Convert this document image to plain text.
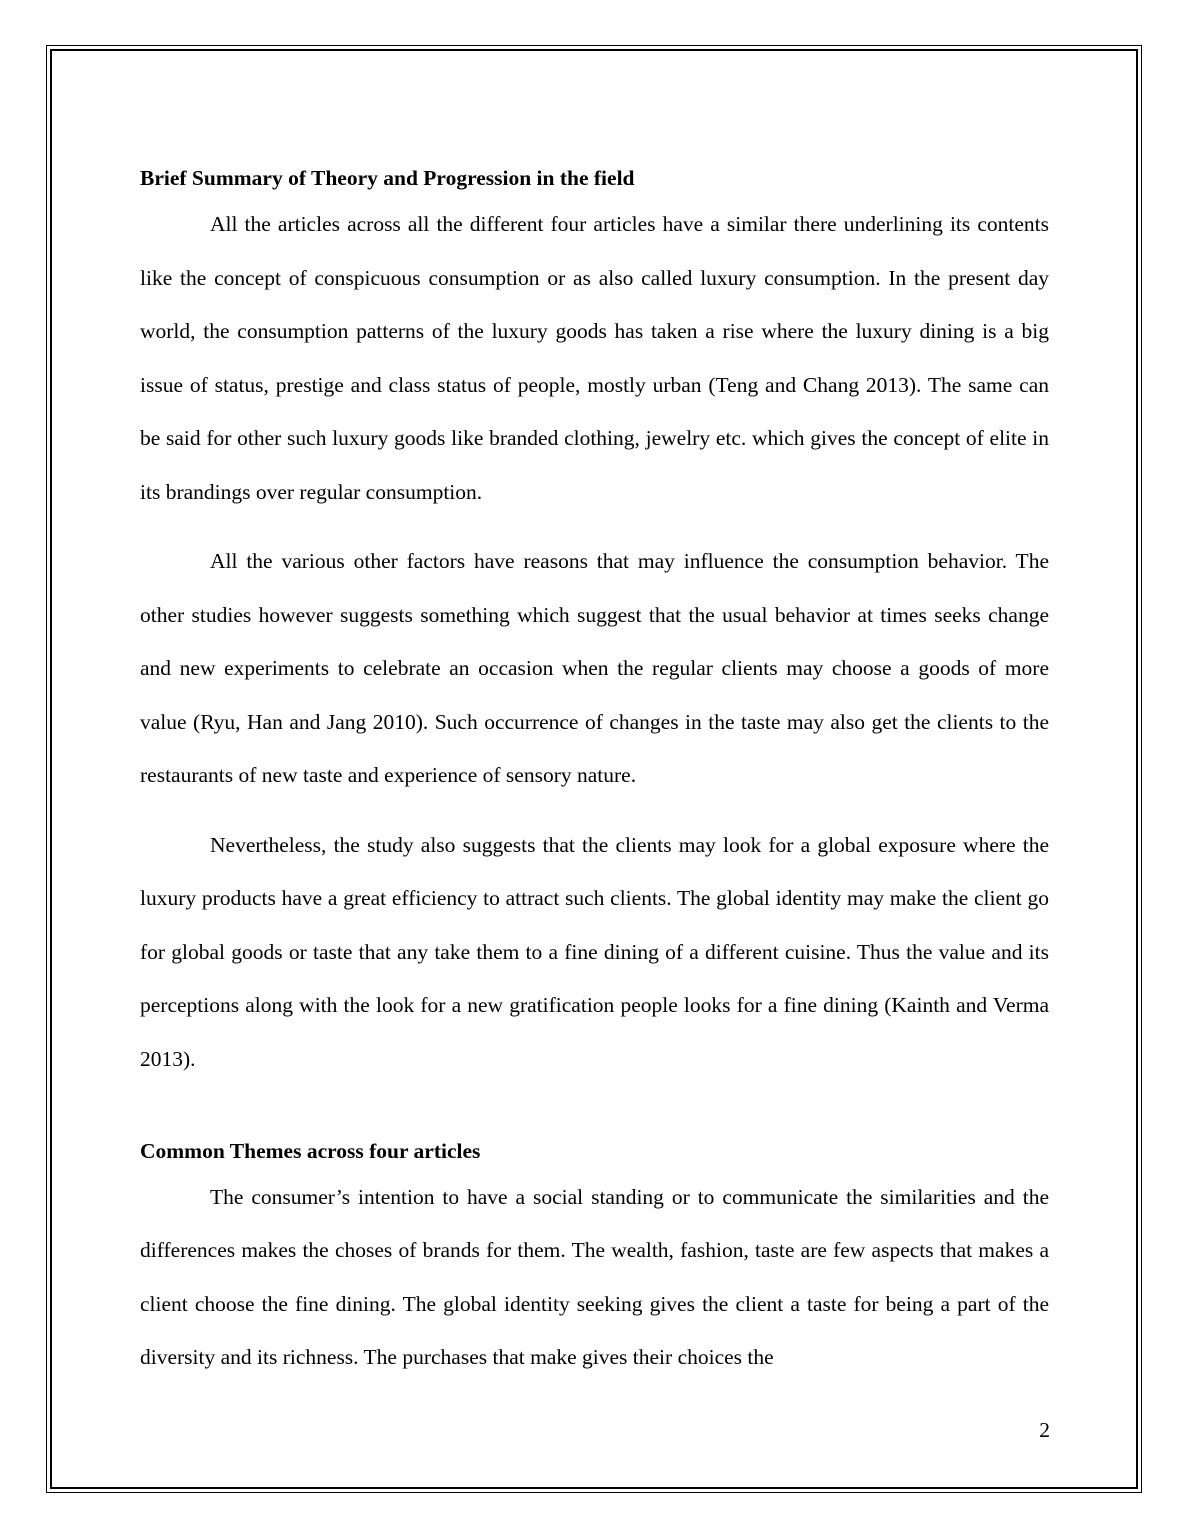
Brief Summary of Theory and Progression in the field

All the articles across all the different four articles have a similar there underlining its contents like the concept of conspicuous consumption or as also called luxury consumption. In the present day world, the consumption patterns of the luxury goods has taken a rise where the luxury dining is a big issue of status, prestige and class status of people, mostly urban (Teng and Chang 2013). The same can be said for other such luxury goods like branded clothing, jewelry etc. which gives the concept of elite in its brandings over regular consumption.

All the various other factors have reasons that may influence the consumption behavior. The other studies however suggests something which suggest that the usual behavior at times seeks change and new experiments to celebrate an occasion when the regular clients may choose a goods of more value (Ryu, Han and Jang 2010). Such occurrence of changes in the taste may also get the clients to the restaurants of new taste and experience of sensory nature.

Nevertheless, the study also suggests that the clients may look for a global exposure where the luxury products have a great efficiency to attract such clients. The global identity may make the client go for global goods or taste that any take them to a fine dining of a different cuisine. Thus the value and its perceptions along with the look for a new gratification people looks for a fine dining (Kainth and Verma 2013).

Common Themes across four articles

The consumer’s intention to have a social standing or to communicate the similarities and the differences makes the choses of brands for them. The wealth, fashion, taste are few aspects that makes a client choose the fine dining. The global identity seeking gives the client a taste for being a part of the diversity and its richness. The purchases that make gives their choices the

2
